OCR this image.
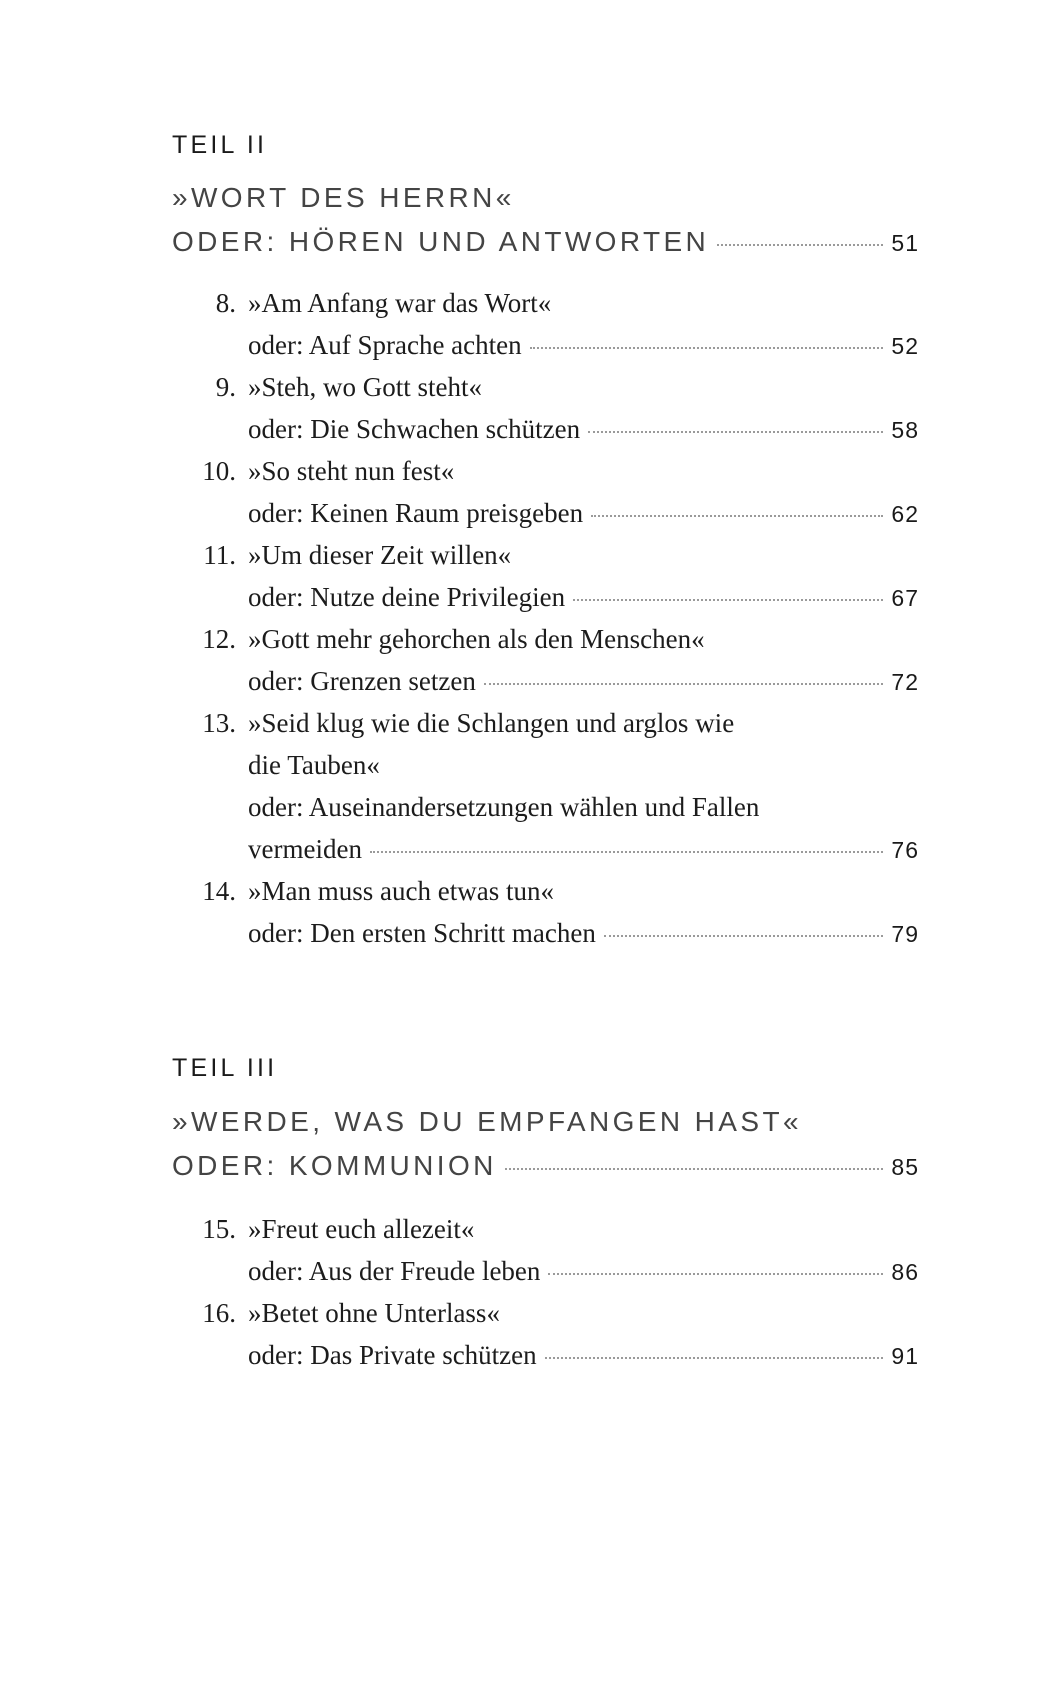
TEIL II
»WORT DES HERRN«
ODER: HÖREN UND ANTWORTEN	51
8. »Am Anfang war das Wort«
oder: Auf Sprache achten	52
9. »Steh, wo Gott steht«
oder: Die Schwachen schützen	58
10. »So steht nun fest«
oder: Keinen Raum preisgeben	62
11. »Um dieser Zeit willen«
oder: Nutze deine Privilegien	67
12. »Gott mehr gehorchen als den Menschen«
oder: Grenzen setzen	72
13. »Seid klug wie die Schlangen und arglos wie
die Tauben«
oder: Auseinandersetzungen wählen und Fallen
vermeiden	76
14. »Man muss auch etwas tun«
oder: Den ersten Schritt machen	79
TEIL III
»WERDE, WAS DU EMPFANGEN HAST«
ODER: KOMMUNION	85
15. »Freut euch allezeit«
oder: Aus der Freude leben	86
16. »Betet ohne Unterlass«
oder: Das Private schützen	91
